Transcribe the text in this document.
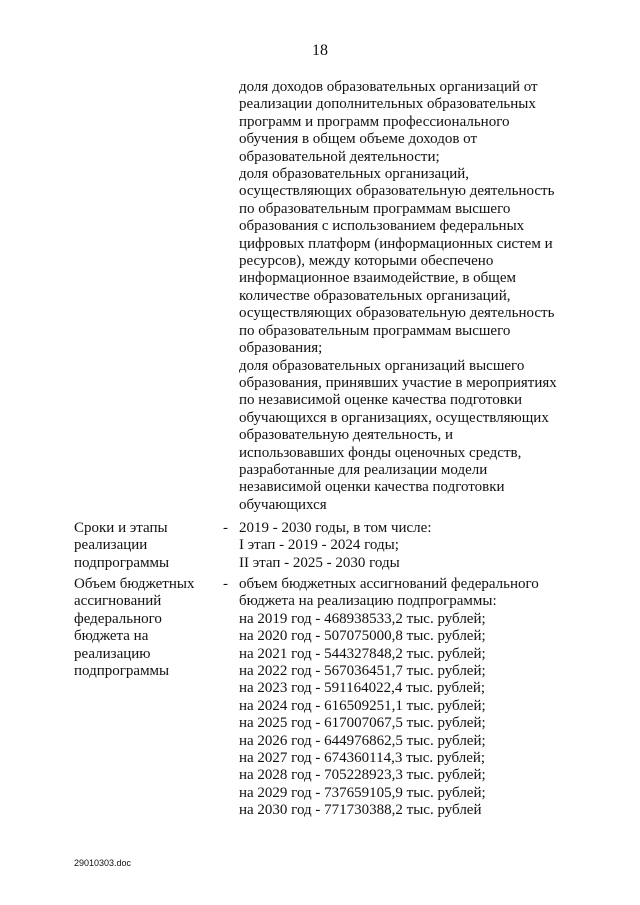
18
доля доходов образовательных организаций от
реализации дополнительных образовательных
программ и программ профессионального
обучения в общем объеме доходов от
образовательной деятельности;
доля образовательных организаций,
осуществляющих образовательную деятельность
по образовательным программам высшего
образования с использованием федеральных
цифровых платформ (информационных систем и
ресурсов), между которыми обеспечено
информационное взаимодействие, в общем
количестве образовательных организаций,
осуществляющих образовательную деятельность
по образовательным программам высшего
образования;
доля образовательных организаций высшего
образования, принявших участие в мероприятиях
по независимой оценке качества подготовки
обучающихся в организациях, осуществляющих
образовательную деятельность, и
использовавших фонды оценочных средств,
разработанные для реализации модели
независимой оценки качества подготовки
обучающихся
Сроки и этапы
реализации
подпрограммы
- 2019 - 2030 годы, в том числе:
I этап - 2019 - 2024 годы;
II этап - 2025 - 2030 годы
Объем бюджетных
ассигнований
федерального
бюджета на
реализацию
подпрограммы
- объем бюджетных ассигнований федерального
бюджета на реализацию подпрограммы:
на 2019 год - 468938533,2 тыс. рублей;
на 2020 год - 507075000,8 тыс. рублей;
на 2021 год - 544327848,2 тыс. рублей;
на 2022 год - 567036451,7 тыс. рублей;
на 2023 год - 591164022,4 тыс. рублей;
на 2024 год - 616509251,1 тыс. рублей;
на 2025 год - 617007067,5 тыс. рублей;
на 2026 год - 644976862,5 тыс. рублей;
на 2027 год - 674360114,3 тыс. рублей;
на 2028 год - 705228923,3 тыс. рублей;
на 2029 год - 737659105,9 тыс. рублей;
на 2030 год - 771730388,2 тыс. рублей
29010303.doc
